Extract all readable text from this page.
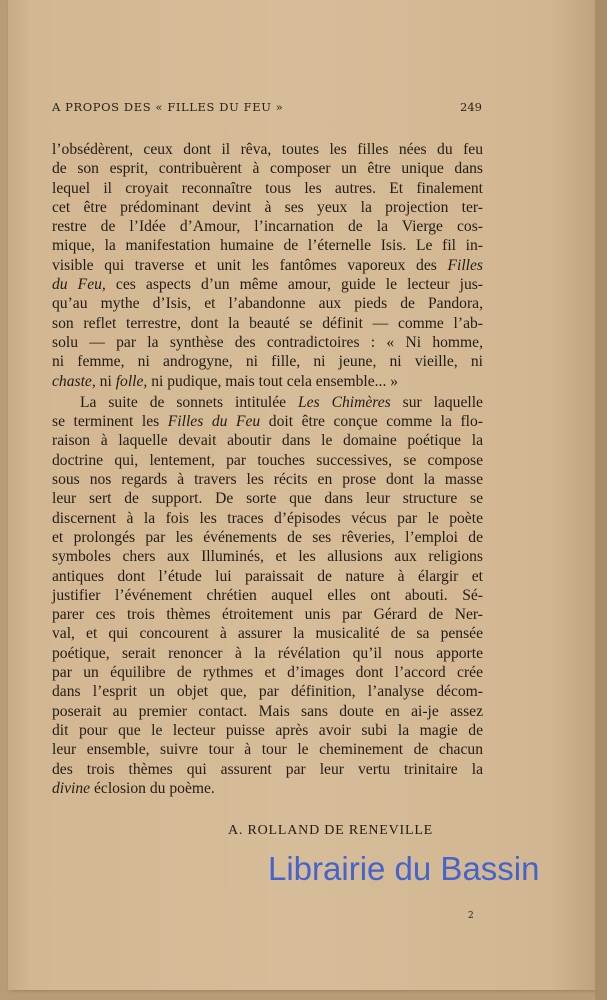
A PROPOS DES « FILLES DU FEU »	249
l’obsédèrent, ceux dont il rêva, toutes les filles nées du feu
de son esprit, contribuèrent à composer un être unique dans
lequel il croyait reconnaître tous les autres. Et finalement
cet être prédominant devint à ses yeux la projection ter-
restre de l’Idée d’Amour, l’incarnation de la Vierge cos-
mique, la manifestation humaine de l’éternelle Isis. Le fil in-
visible qui traverse et unit les fantômes vaporeux des Filles
du Feu, ces aspects d’un même amour, guide le lecteur jus-
qu’au mythe d’Isis, et l’abandonne aux pieds de Pandora,
son reflet terrestre, dont la beauté se définit — comme l’ab-
solu — par la synthèse des contradictoires : « Ni homme,
ni femme, ni androgyne, ni fille, ni jeune, ni vieille, ni
chaste, ni folle, ni pudique, mais tout cela ensemble... »
La suite de sonnets intitulée Les Chimères sur laquelle
se terminent les Filles du Feu doit être conçue comme la flo-
raison à laquelle devait aboutir dans le domaine poétique la
doctrine qui, lentement, par touches successives, se compose
sous nos regards à travers les récits en prose dont la masse
leur sert de support. De sorte que dans leur structure se
discernent à la fois les traces d’épisodes vécus par le poète
et prolongés par les événements de ses rêveries, l’emploi de
symboles chers aux Illuminés, et les allusions aux religions
antiques dont l’étude lui paraissait de nature à élargir et
justifier l’événement chrétien auquel elles ont abouti. Sé-
parer ces trois thèmes étroitement unis par Gérard de Ner-
val, et qui concourent à assurer la musicalité de sa pensée
poétique, serait renoncer à la révélation qu’il nous apporte
par un équilibre de rythmes et d’images dont l’accord crée
dans l’esprit un objet que, par définition, l’analyse décom-
poserait au premier contact. Mais sans doute en ai-je assez
dit pour que le lecteur puisse après avoir subi la magie de
leur ensemble, suivre tour à tour le cheminement de chacun
des trois thèmes qui assurent par leur vertu trinitaire la
divine éclosion du poème.
A. ROLLAND DE RENEVILLE
2
Librairie du Bassin
